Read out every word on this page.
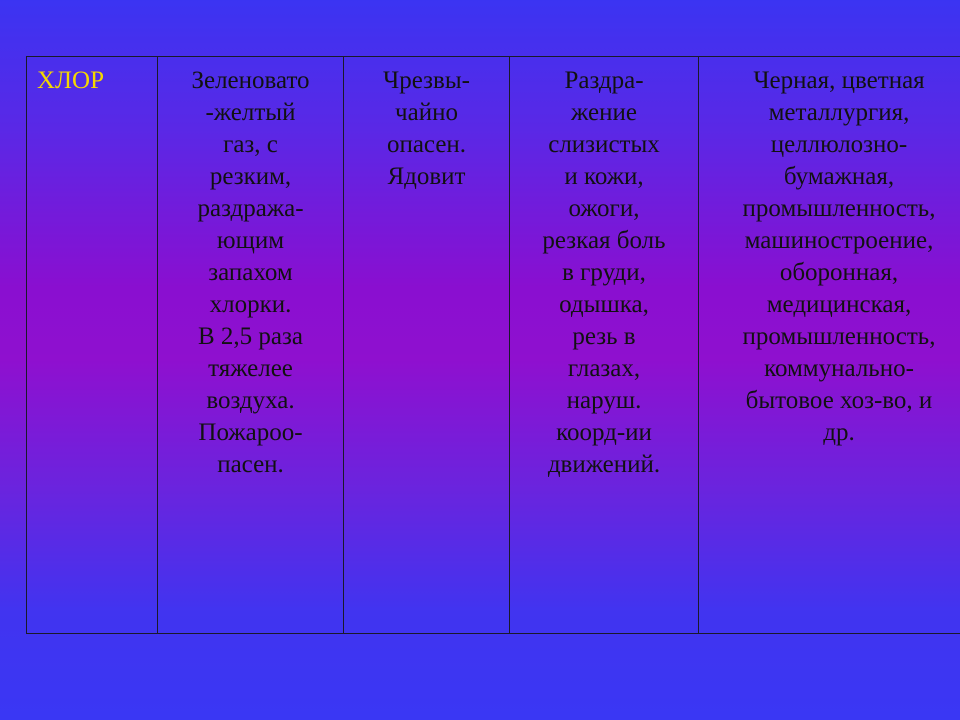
ХЛОР	Зеленовато
-желтый
газ, с
резким,
раздража-
ющим
запахом
хлорки.
В 2,5 раза
тяжелее
воздуха.
Пожароо-
пасен.	Чрезвы-
чайно
опасен.
Ядовит	Раздра-
жение
слизистых
и кожи,
ожоги,
резкая боль
в груди,
одышка,
резь в
глазах,
наруш.
коорд-ии
движений.	Черная, цветная
металлургия,
целлюлозно-
бумажная,
промышленность,
машиностроение,
оборонная,
медицинская,
промышленность,
коммунально-
бытовое хоз-во, и
др.
